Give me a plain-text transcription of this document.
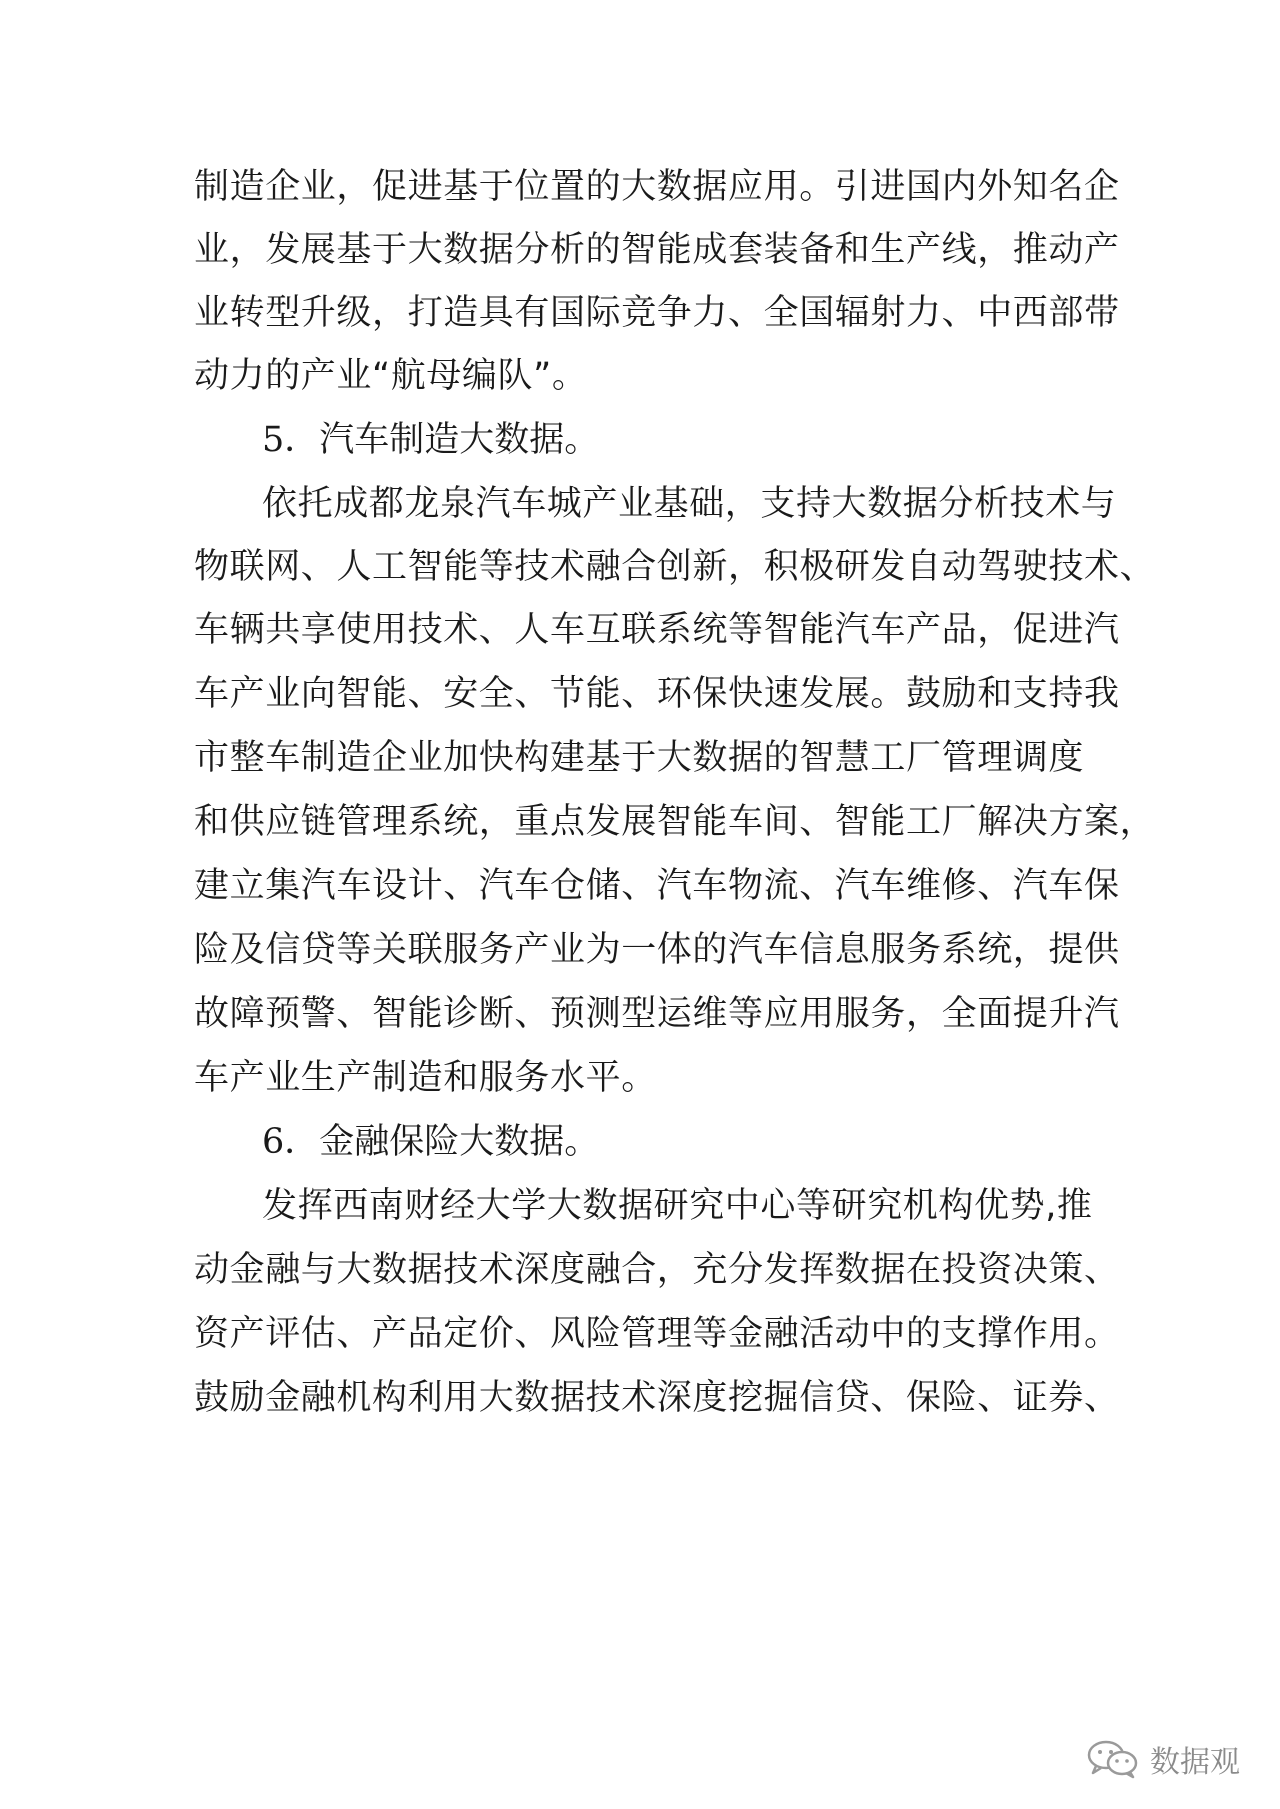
制造企业，促进基于位置的大数据应用。引进国内外知名企
业，发展基于大数据分析的智能成套装备和生产线，推动产
业转型升级，打造具有国际竞争力、全国辐射力、中西部带
动力的产业“航母编队”。
5．汽车制造大数据。
依托成都龙泉汽车城产业基础，支持大数据分析技术与
物联网、人工智能等技术融合创新，积极研发自动驾驶技术、
车辆共享使用技术、人车互联系统等智能汽车产品，促进汽
车产业向智能、安全、节能、环保快速发展。鼓励和支持我
市整车制造企业加快构建基于大数据的智慧工厂管理调度
和供应链管理系统，重点发展智能车间、智能工厂解决方案，
建立集汽车设计、汽车仓储、汽车物流、汽车维修、汽车保
险及信贷等关联服务产业为一体的汽车信息服务系统，提供
故障预警、智能诊断、预测型运维等应用服务，全面提升汽
车产业生产制造和服务水平。
6．金融保险大数据。
发挥西南财经大学大数据研究中心等研究机构优势,推
动金融与大数据技术深度融合，充分发挥数据在投资决策、
资产评估、产品定价、风险管理等金融活动中的支撑作用。
鼓励金融机构利用大数据技术深度挖掘信贷、保险、证券、
数据观
